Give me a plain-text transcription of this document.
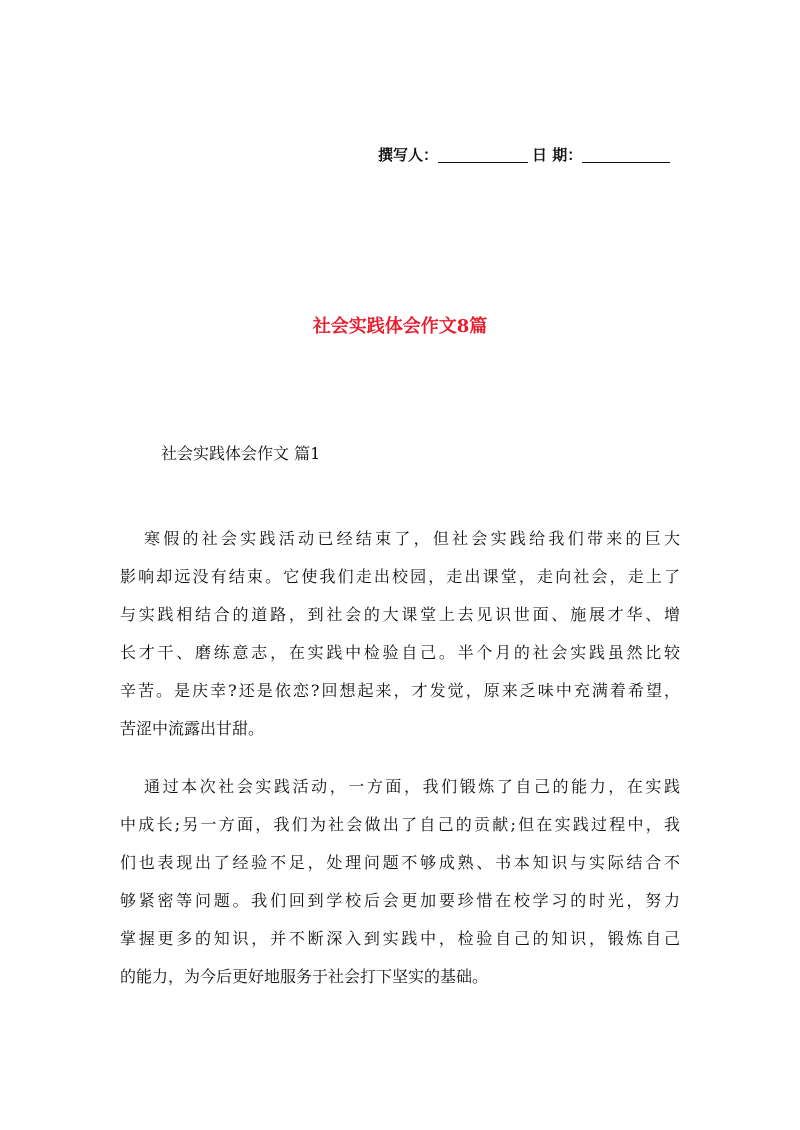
撰写人：	日 期：
社会实践体会作文8篇
社会实践体会作文 篇1
寒假的社会实践活动已经结束了，但社会实践给我们带来的巨大
影响却远没有结束。它使我们走出校园，走出课堂，走向社会，走上了
与实践相结合的道路，到社会的大课堂上去见识世面、施展才华、增
长才干、磨练意志，在实践中检验自己。半个月的社会实践虽然比较
辛苦。是庆幸?还是依恋?回想起来，才发觉，原来乏味中充满着希望，
苦涩中流露出甘甜。
通过本次社会实践活动，一方面，我们锻炼了自己的能力，在实践
中成长;另一方面，我们为社会做出了自己的贡献;但在实践过程中，我
们也表现出了经验不足，处理问题不够成熟、书本知识与实际结合不
够紧密等问题。我们回到学校后会更加要珍惜在校学习的时光，努力
掌握更多的知识，并不断深入到实践中，检验自己的知识，锻炼自己
的能力，为今后更好地服务于社会打下坚实的基础。
